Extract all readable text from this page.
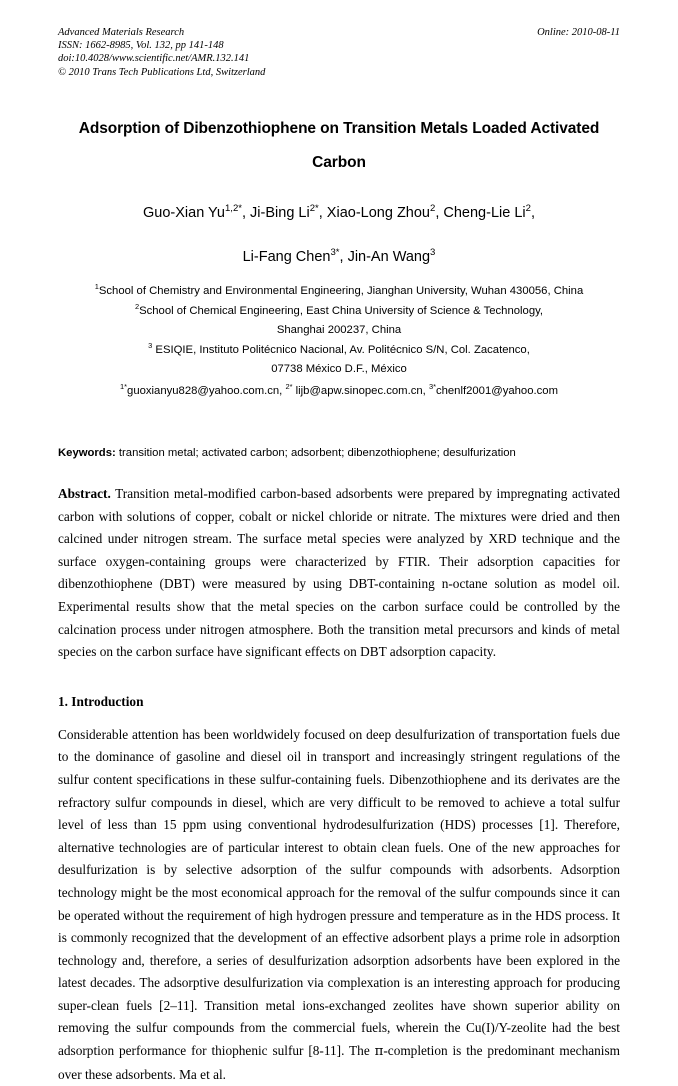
Advanced Materials Research
ISSN: 1662-8985, Vol. 132, pp 141-148
doi:10.4028/www.scientific.net/AMR.132.141
© 2010 Trans Tech Publications Ltd, Switzerland
Online: 2010-08-11
Adsorption of Dibenzothiophene on Transition Metals Loaded Activated Carbon
Guo-Xian $Yu^{1,2*}$, Ji-Bing $Li^{2*}$, Xiao-Long Zhou$^2$, Cheng-Lie Li$^2$,
Li-Fang Chen$^{3*}$, Jin-An Wang$^3$
$^1$School of Chemistry and Environmental Engineering, Jianghan University, Wuhan 430056, China
$^2$School of Chemical Engineering, East China University of Science & Technology,
Shanghai 200237, China
$^3$ ESIQIE, Instituto Politécnico Nacional, Av. Politécnico S/N, Col. Zacatenco,
07738 México D.F., México
$^{1*}$guoxianyu828@yahoo.com.cn, $^{2*}$ lijb@apw.sinopec.com.cn, $^{3*}$chenlf2001@yahoo.com
Keywords: transition metal; activated carbon; adsorbent; dibenzothiophene; desulfurization
Abstract. Transition metal-modified carbon-based adsorbents were prepared by impregnating activated carbon with solutions of copper, cobalt or nickel chloride or nitrate. The mixtures were dried and then calcined under nitrogen stream. The surface metal species were analyzed by XRD technique and the surface oxygen-containing groups were characterized by FTIR. Their adsorption capacities for dibenzothiophene (DBT) were measured by using DBT-containing n-octane solution as model oil. Experimental results show that the metal species on the carbon surface could be controlled by the calcination process under nitrogen atmosphere. Both the transition metal precursors and kinds of metal species on the carbon surface have significant effects on DBT adsorption capacity.
1. Introduction
Considerable attention has been worldwidely focused on deep desulfurization of transportation fuels due to the dominance of gasoline and diesel oil in transport and increasingly stringent regulations of the sulfur content specifications in these sulfur-containing fuels. Dibenzothiophene and its derivates are the refractory sulfur compounds in diesel, which are very difficult to be removed to achieve a total sulfur level of less than 15 ppm using conventional hydrodesulfurization (HDS) processes [1]. Therefore, alternative technologies are of particular interest to obtain clean fuels. One of the new approaches for desulfurization is by selective adsorption of the sulfur compounds with adsorbents. Adsorption technology might be the most economical approach for the removal of the sulfur compounds since it can be operated without the requirement of high hydrogen pressure and temperature as in the HDS process. It is commonly recognized that the development of an effective adsorbent plays a prime role in adsorption technology and, therefore, a series of desulfurization adsorption adsorbents have been explored in the latest decades. The adsorptive desulfurization via complexation is an interesting approach for producing super-clean fuels [2–11]. Transition metal ions-exchanged zeolites have shown superior ability on removing the sulfur compounds from the commercial fuels, wherein the Cu(I)/Y-zeolite had the best adsorption performance for thiophenic sulfur [8-11]. The π-completion is the predominant mechanism over these adsorbents. Ma et al.
